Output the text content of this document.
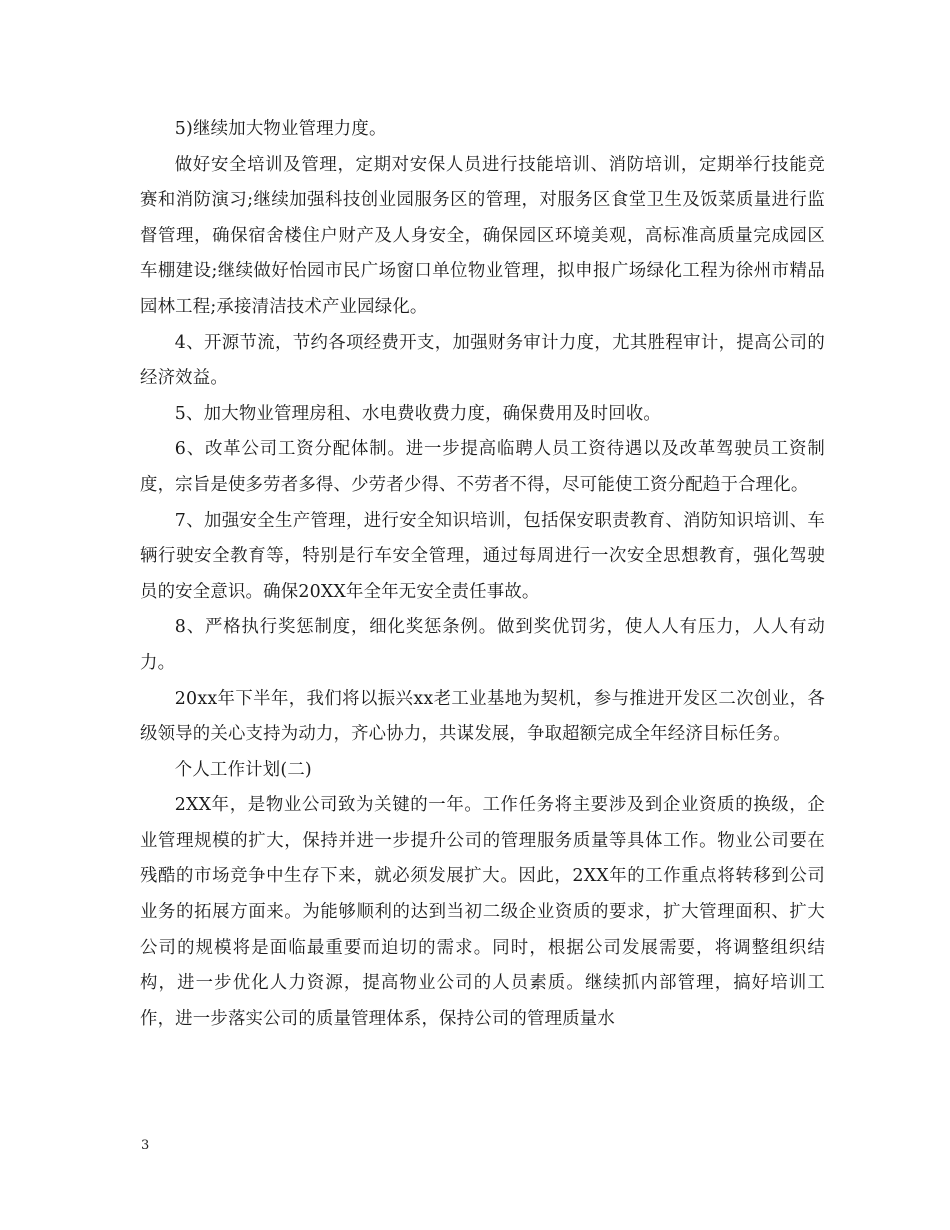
5)继续加大物业管理力度。

做好安全培训及管理，定期对安保人员进行技能培训、消防培训，定期举行技能竞赛和消防演习;继续加强科技创业园服务区的管理，对服务区食堂卫生及饭菜质量进行监督管理，确保宿舍楼住户财产及人身安全，确保园区环境美观，高标准高质量完成园区车棚建设;继续做好怡园市民广场窗口单位物业管理，拟申报广场绿化工程为徐州市精品园林工程;承接清洁技术产业园绿化。

4、开源节流，节约各项经费开支，加强财务审计力度，尤其胜程审计，提高公司的经济效益。

5、加大物业管理房租、水电费收费力度，确保费用及时回收。

6、改革公司工资分配体制。进一步提高临聘人员工资待遇以及改革驾驶员工资制度，宗旨是使多劳者多得、少劳者少得、不劳者不得，尽可能使工资分配趋于合理化。

7、加强安全生产管理，进行安全知识培训，包括保安职责教育、消防知识培训、车辆行驶安全教育等，特别是行车安全管理，通过每周进行一次安全思想教育，强化驾驶员的安全意识。确保20XX年全年无安全责任事故。

8、严格执行奖惩制度，细化奖惩条例。做到奖优罚劣，使人人有压力，人人有动力。

20xx年下半年，我们将以振兴xx老工业基地为契机，参与推进开发区二次创业，各级领导的关心支持为动力，齐心协力，共谋发展，争取超额完成全年经济目标任务。

个人工作计划(二)

2XX年，是物业公司致为关键的一年。工作任务将主要涉及到企业资质的换级，企业管理规模的扩大，保持并进一步提升公司的管理服务质量等具体工作。物业公司要在残酷的市场竞争中生存下来，就必须发展扩大。因此，2XX年的工作重点将转移到公司业务的拓展方面来。为能够顺利的达到当初二级企业资质的要求，扩大管理面积、扩大公司的规模将是面临最重要而迫切的需求。同时，根据公司发展需要，将调整组织结构，进一步优化人力资源，提高物业公司的人员素质。继续抓内部管理，搞好培训工作，进一步落实公司的质量管理体系，保持公司的管理质量水

3
